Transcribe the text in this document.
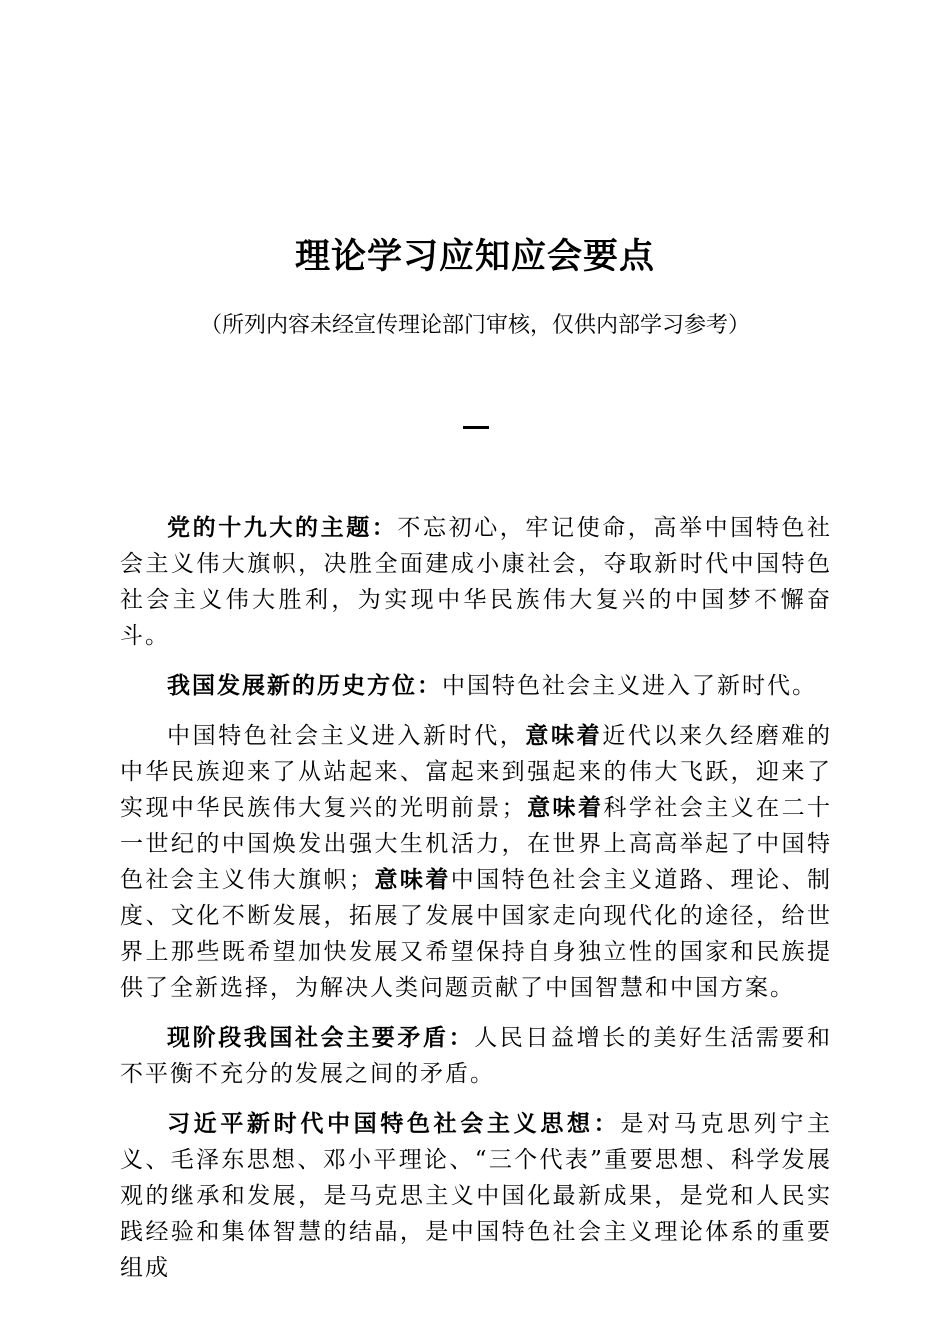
理论学习应知应会要点
（所列内容未经宣传理论部门审核，仅供内部学习参考）

党的十九大的主题：不忘初心，牢记使命，高举中国特色社会主义伟大旗帜，决胜全面建成小康社会，夺取新时代中国特色社会主义伟大胜利，为实现中华民族伟大复兴的中国梦不懈奋斗。

我国发展新的历史方位：中国特色社会主义进入了新时代。

中国特色社会主义进入新时代，意味着近代以来久经磨难的中华民族迎来了从站起来、富起来到强起来的伟大飞跃，迎来了实现中华民族伟大复兴的光明前景；意味着科学社会主义在二十一世纪的中国焕发出强大生机活力，在世界上高高举起了中国特色社会主义伟大旗帜；意味着中国特色社会主义道路、理论、制度、文化不断发展，拓展了发展中国家走向现代化的途径，给世界上那些既希望加快发展又希望保持自身独立性的国家和民族提供了全新选择，为解决人类问题贡献了中国智慧和中国方案。

现阶段我国社会主要矛盾：人民日益增长的美好生活需要和不平衡不充分的发展之间的矛盾。

习近平新时代中国特色社会主义思想：是对马克思列宁主义、毛泽东思想、邓小平理论、“三个代表”重要思想、科学发展观的继承和发展，是马克思主义中国化最新成果，是党和人民实践经验和集体智慧的结晶，是中国特色社会主义理论体系的重要组成
